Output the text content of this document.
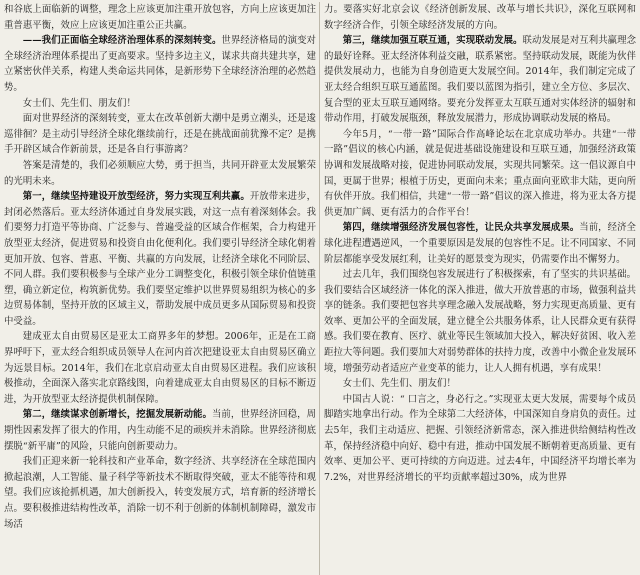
和谷底上面临新的调整，理念上应该更加注重开放包容，方向上应该更加注重普惠平衡，效应上应该更加注重公正共赢。

——我们正面临全球经济治理体系的深刻转变。世界经济格局的演变对全球经济治理体系提出了更高要求。坚持多边主义，谋求共商共建共享，建立紧密伙伴关系，构建人类命运共同体，是新形势下全球经济治理的必然趋势。

女士们、先生们、朋友们！

面对世界经济的深刻转变，亚太在改革创新大潮中是勇立潮头，还是逡巡徘徊？是主动引导经济全球化继续前行，还是在挑战面前犹豫不定？是携手开辟区域合作新前景，还是各自行事游离？

答案是清楚的，我们必须顺应大势，勇于担当，共同开辟亚太发展繁荣的光明未来。

第一，继续坚持建设开放型经济，努力实现互利共赢。开放带来进步，封闭必然落后。亚太经济体通过自身发展实践，对这一点有着深刻体会。我们要努力打造平等协商、广泛参与、普遍受益的区域合作框架，合力构建开放型亚太经济，促进贸易和投资自由化便利化。我们要引导经济全球化朝着更加开放、包容、普惠、平衡、共赢的方向发展，让经济全球化不同阶层、不同人群。我们要积极参与全球产业分工调整变化，积极引领全球价值链重塑，确立新定位，构筑新优势。我们要坚定维护以世界贸易组织为核心的多边贸易体制，坚持开放的区域主义，帮助发展中成员更多从国际贸易和投资中受益。

建成亚太自由贸易区是亚太工商界多年的梦想。2006年，正是在工商界呼吁下，亚太经合组织成员领导人在河内首次把建设亚太自由贸易区确立为远景目标。2014年，我们在北京启动亚太自由贸易区进程。我们应该积极推动，全面深入落实北京路线图，向着建成亚太自由贸易区的目标不断迈进，为开放型亚太经济提供机制保障。

第二，继续谋求创新增长，挖掘发展新动能。当前，世界经济回稳，周期性因素发挥了很大的作用，内生动能不足的顽疾并未消除。世界经济彻底摆脱“新平庸”的风险，只能向创新要动力。

我们正迎来新一轮科技和产业革命，数字经济、共享经济在全球范围内掀起浪潮，人工智能、量子科学等新技术不断取得突破，亚太不能等待和观望。我们应该抢抓机遇，加大创新投入，转变发展方式，培育新的经济增长点。要积极推进结构性改革，消除一切不利于创新的体制机制障碍，激发市场活

力。要落实好北京会议《经济创新发展、改革与增长共识》，深化互联网和数字经济合作，引领全球经济发展的方向。

第三，继续加强互联互通，实现联动发展。联动发展是对互利共赢理念的最好诠释。亚太经济体利益交融，联系紧密。坚持联动发展，既能为伙伴提供发展动力，也能为自身创造更大发展空间。2014年，我们制定完成了亚太经合组织互联互通蓝图。我们要以蓝图为指引，建立全方位、多层次、复合型的亚太互联互通网络。要充分发挥亚太互联互通对实体经济的辐射和带动作用，打破发展瓶颈，释放发展潜力，形成协调联动发展的格局。

今年5月，“一带一路”国际合作高峰论坛在北京成功举办。共建“一带一路”倡议的核心内涵，就是促进基础设施建设和互联互通，加强经济政策协调和发展战略对接，促进协同联动发展，实现共同繁荣。这一倡议源自中国，更属于世界；根植于历史，更面向未来；重点面向亚欧非大陆，更向所有伙伴开放。我们相信，共建“一带一路”倡议的深入推进，将为亚太各方提供更加广阔、更有活力的合作平台！

第四，继续增强经济发展包容性，让民众共享发展成果。当前，经济全球化进程遭遇逆风，一个重要原因是发展的包容性不足。让不同国家、不同阶层都能享受发展红利，让美好的愿景变为现实，仍需要作出不懈努力。

过去几年，我们围绕包容发展进行了积极探索，有了坚实的共识基础。我们要结合区域经济一体化的深入推进，做大开放普惠的市场，做强利益共享的链条。我们要把包容共享理念融入发展战略，努力实现更高质量、更有效率、更加公平的全面发展，建立健全公共服务体系，让人民群众更有获得感。我们要在教育、医疗、就业等民生领域加大投入，解决好贫困、收入差距拉大等问题。我们要加大对弱势群体的扶持力度，改善中小微企业发展环境，增强劳动者适应产业变革的能力，让人人拥有机遇，享有成果！

女士们、先生们、朋友们！

中国古人说：“ 口言之，身必行之。”实现亚太更大发展，需要每个成员脚踏实地拿出行动。作为全球第二大经济体，中国深知自身肩负的责任。过去5年，我们主动适应、把握、引领经济新常态，深入推进供给侧结构性改革，保持经济稳中向好、稳中有进，推动中国发展不断朝着更高质量、更有效率、更加公平、更可持续的方向迈进。过去4年，中国经济平均增长率为7.2%，对世界经济增长的平均贡献率超过30%，成为世界
